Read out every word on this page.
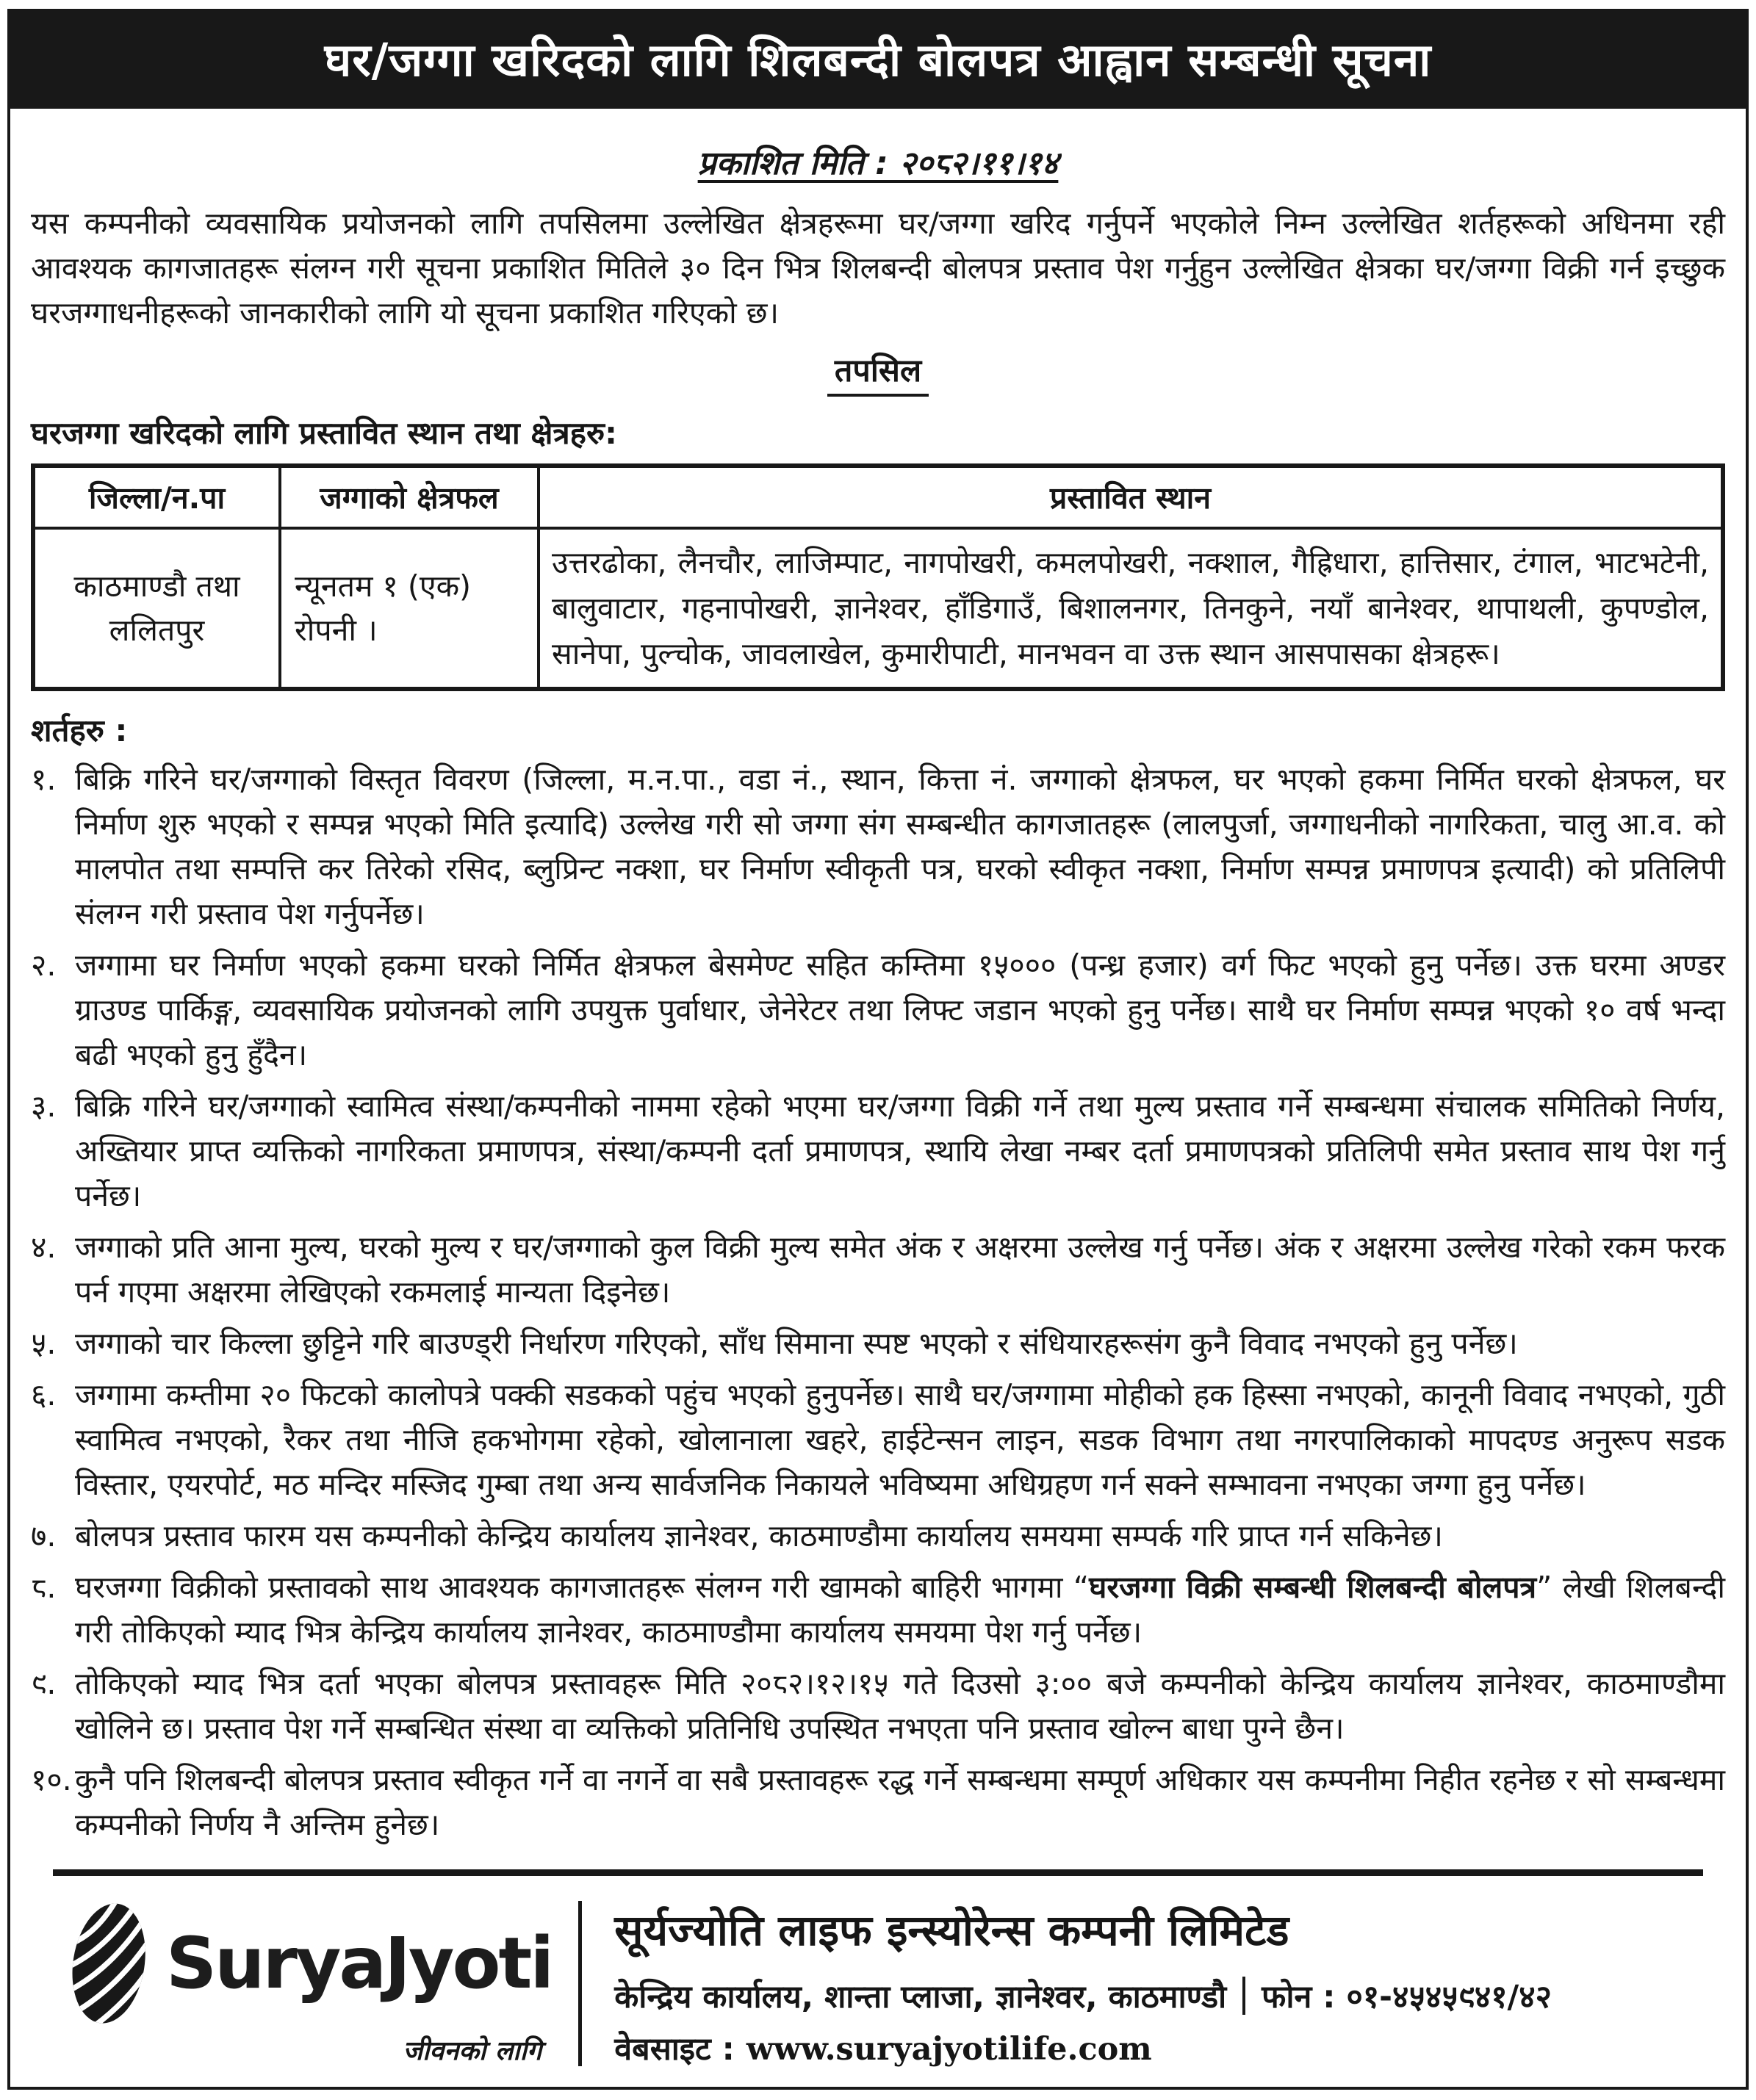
घर/जग्गा खरिदको लागि शिलबन्दी बोलपत्र आह्वान सम्बन्धी सूचना
प्रकाशित मिति : २०८२।११।१४

यस कम्पनीको व्यवसायिक प्रयोजनको लागि तपसिलमा उल्लेखित क्षेत्रहरूमा घर/जग्गा खरिद गर्नुपर्ने भएकोले निम्न उल्लेखित शर्तहरूको अधिनमा रही आवश्यक कागजातहरू संलग्न गरी सूचना प्रकाशित मितिले ३० दिन भित्र शिलबन्दी बोलपत्र प्रस्ताव पेश गर्नुहुन उल्लेखित क्षेत्रका घर/जग्गा विक्री गर्न इच्छुक घरजग्गाधनीहरूको जानकारीको लागि यो सूचना प्रकाशित गरिएको छ।

तपसिल
घरजग्गा खरिदको लागि प्रस्तावित स्थान तथा क्षेत्रहरु:
जिल्ला/न.पा	जग्गाको क्षेत्रफल	प्रस्तावित स्थान
काठमाण्डौ तथा ललितपुर	न्यूनतम १ (एक) रोपनी ।	उत्तरढोका, लैनचौर, लाजिम्पाट, नागपोखरी, कमलपोखरी, नक्शाल, गैह्रिधारा, हात्तिसार, टंगाल, भाटभटेनी, बालुवाटार, गहनापोखरी, ज्ञानेश्वर, हाँडिगाउँ, बिशालनगर, तिनकुने, नयाँ बानेश्वर, थापाथली, कुपण्डोल, सानेपा, पुल्चोक, जावलाखेल, कुमारीपाटी, मानभवन वा उक्त स्थान आसपासका क्षेत्रहरू।
शर्तहरु :
१. बिक्रि गरिने घर/जग्गाको विस्तृत विवरण (जिल्ला, म.न.पा., वडा नं., स्थान, कित्ता नं. जग्गाको क्षेत्रफल, घर भएको हकमा निर्मित घरको क्षेत्रफल, घर निर्माण शुरु भएको र सम्पन्न भएको मिति इत्यादि) उल्लेख गरी सो जग्गा संग सम्बन्धीत कागजातहरू (लालपुर्जा, जग्गाधनीको नागरिकता, चालु आ.व. को मालपोत तथा सम्पत्ति कर तिरेको रसिद, ब्लुप्रिन्ट नक्शा, घर निर्माण स्वीकृती पत्र, घरको स्वीकृत नक्शा, निर्माण सम्पन्न प्रमाणपत्र इत्यादी) को प्रतिलिपी संलग्न गरी प्रस्ताव पेश गर्नुपर्नेछ।
२. जग्गामा घर निर्माण भएको हकमा घरको निर्मित क्षेत्रफल बेसमेण्ट सहित कम्तिमा १५००० (पन्ध्र हजार) वर्ग फिट भएको हुनु पर्नेछ। उक्त घरमा अण्डर ग्राउण्ड पार्किङ्ग, व्यवसायिक प्रयोजनको लागि उपयुक्त पुर्वाधार, जेनेरेटर तथा लिफ्ट जडान भएको हुनु पर्नेछ। साथै घर निर्माण सम्पन्न भएको १० वर्ष भन्दा बढी भएको हुनु हुँदैन।
३. बिक्रि गरिने घर/जग्गाको स्वामित्व संस्था/कम्पनीको नाममा रहेको भएमा घर/जग्गा विक्री गर्ने तथा मुल्य प्रस्ताव गर्ने सम्बन्धमा संचालक समितिको निर्णय, अख्तियार प्राप्त व्यक्तिको नागरिकता प्रमाणपत्र, संस्था/कम्पनी दर्ता प्रमाणपत्र, स्थायि लेखा नम्बर दर्ता प्रमाणपत्रको प्रतिलिपी समेत प्रस्ताव साथ पेश गर्नु पर्नेछ।
४. जग्गाको प्रति आना मुल्य, घरको मुल्य र घर/जग्गाको कुल विक्री मुल्य समेत अंक र अक्षरमा उल्लेख गर्नु पर्नेछ। अंक र अक्षरमा उल्लेख गरेको रकम फरक पर्न गएमा अक्षरमा लेखिएको रकमलाई मान्यता दिइनेछ।
५. जग्गाको चार किल्ला छुट्टिने गरि बाउण्ड्री निर्धारण गरिएको, साँध सिमाना स्पष्ट भएको र संधियारहरूसंग कुनै विवाद नभएको हुनु पर्नेछ।
६. जग्गामा कम्तीमा २० फिटको कालोपत्रे पक्की सडकको पहुंच भएको हुनुपर्नेछ। साथै घर/जग्गामा मोहीको हक हिस्सा नभएको, कानूनी विवाद नभएको, गुठी स्वामित्व नभएको, रैकर तथा नीजि हकभोगमा रहेको, खोलानाला खहरे, हाईटेन्सन लाइन, सडक विभाग तथा नगरपालिकाको मापदण्ड अनुरूप सडक विस्तार, एयरपोर्ट, मठ मन्दिर मस्जिद गुम्बा तथा अन्य सार्वजनिक निकायले भविष्यमा अधिग्रहण गर्न सक्ने सम्भावना नभएका जग्गा हुनु पर्नेछ।
७. बोलपत्र प्रस्ताव फारम यस कम्पनीको केन्द्रिय कार्यालय ज्ञानेश्वर, काठमाण्डौमा कार्यालय समयमा सम्पर्क गरि प्राप्त गर्न सकिनेछ।
८. घरजग्गा विक्रीको प्रस्तावको साथ आवश्यक कागजातहरू संलग्न गरी खामको बाहिरी भागमा “घरजग्गा विक्री सम्बन्धी शिलबन्दी बोलपत्र” लेखी शिलबन्दी गरी तोकिएको म्याद भित्र केन्द्रिय कार्यालय ज्ञानेश्वर, काठमाण्डौमा कार्यालय समयमा पेश गर्नु पर्नेछ।
९. तोकिएको म्याद भित्र दर्ता भएका बोलपत्र प्रस्तावहरू मिति २०८२।१२।१५ गते दिउसो ३:०० बजे कम्पनीको केन्द्रिय कार्यालय ज्ञानेश्वर, काठमाण्डौमा खोलिने छ। प्रस्ताव पेश गर्ने सम्बन्धित संस्था वा व्यक्तिको प्रतिनिधि उपस्थित नभएता पनि प्रस्ताव खोल्न बाधा पुग्ने छैन।
१०. कुनै पनि शिलबन्दी बोलपत्र प्रस्ताव स्वीकृत गर्ने वा नगर्ने वा सबै प्रस्तावहरू रद्ध गर्ने सम्बन्धमा सम्पूर्ण अधिकार यस कम्पनीमा निहीत रहनेछ र सो सम्बन्धमा कम्पनीको निर्णय नै अन्तिम हुनेछ।
SuryaJyoti
जीवनको लागि
सूर्यज्योति लाइफ इन्स्योरेन्स कम्पनी लिमिटेड
केन्द्रिय कार्यालय, शान्ता प्लाजा, ज्ञानेश्वर, काठमाण्डौ फोन : ०१-४५४५९४१/४२
वेबसाइट : www.suryajyotilife.com
